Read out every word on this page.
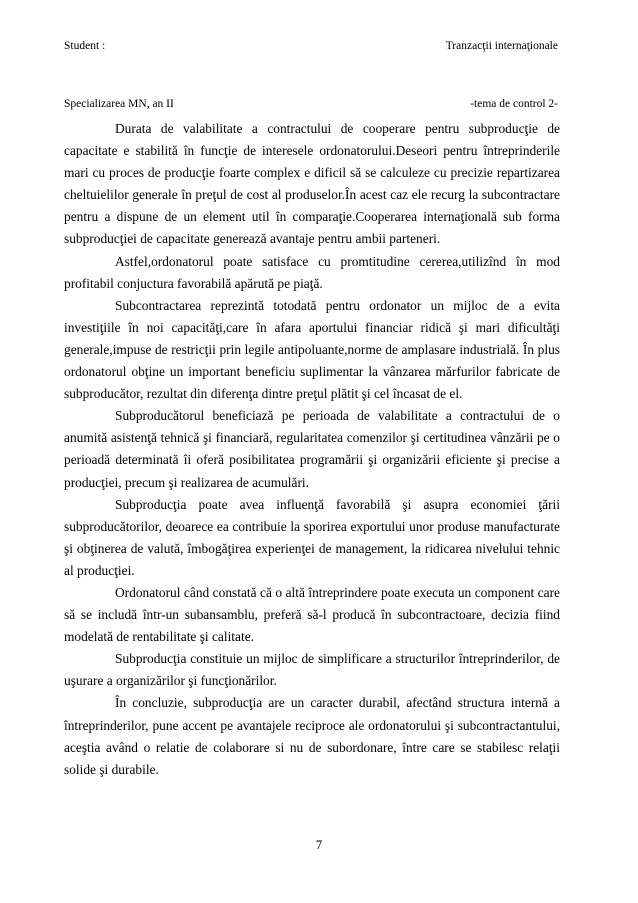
Student :	Tranzacţii internaţionale
Specializarea MN, an II	-tema de control 2-

Durata de valabilitate a contractului de cooperare pentru subproducţie de capacitate e stabilită în funcţie de interesele ordonatorului.Deseori pentru întreprinderile mari cu proces de producţie foarte complex e dificil să se calculeze cu precizie repartizarea cheltuielilor generale în preţul de cost al produselor.În acest caz ele recurg la subcontractare pentru a dispune de un element util în comparaţie.Cooperarea internaţională sub forma subproducţiei de capacitate generează avantaje pentru ambii parteneri.

Astfel,ordonatorul poate satisface cu promtitudine cererea,utilizînd în mod profitabil conjuctura favorabilă apărută pe piaţă.

Subcontractarea reprezintă totodată pentru ordonator un mijloc de a evita investiţiile în noi capacităţi,care în afara aportului financiar ridică şi mari dificultăţi generale,impuse de restricţii prin legile antipoluante,norme de amplasare industrială. În plus ordonatorul obţine un important beneficiu suplimentar la vânzarea mărfurilor fabricate de subproducător, rezultat din diferenţa dintre preţul plătit şi cel încasat de el.

Subproducătorul beneficiază pe perioada de valabilitate a contractului de o anumită asistenţă tehnică şi financiară, regularitatea comenzilor şi certitudinea vânzării pe o perioadă determinată îi oferă posibilitatea programării şi organizării eficiente şi precise a producţiei, precum şi realizarea de acumulări.

Subproducţia poate avea influenţă favorabilă şi asupra economiei ţării subproducătorilor, deoarece ea contribuie la sporirea exportului unor produse manufacturate şi obţinerea de valută, îmbogăţirea experienţei de management, la ridicarea nivelului tehnic al producţiei.

Ordonatorul când constată că o altă întreprindere poate executa un component care să se includă într-un subansamblu, preferă să-l producă în subcontractoare, decizia fiind modelată de rentabilitate şi calitate.

Subproducţia constituie un mijloc de simplificare a structurilor întreprinderilor, de uşurare a organizărilor şi funcţionărilor.

În concluzie, subproducţia are un caracter durabil, afectând structura internă a întreprinderilor, pune accent pe avantajele reciproce ale ordonatorului şi subcontractantului, aceştia având o relatie de colaborare si nu de subordonare, între care se stabilesc relaţii solide şi durabile.

7
